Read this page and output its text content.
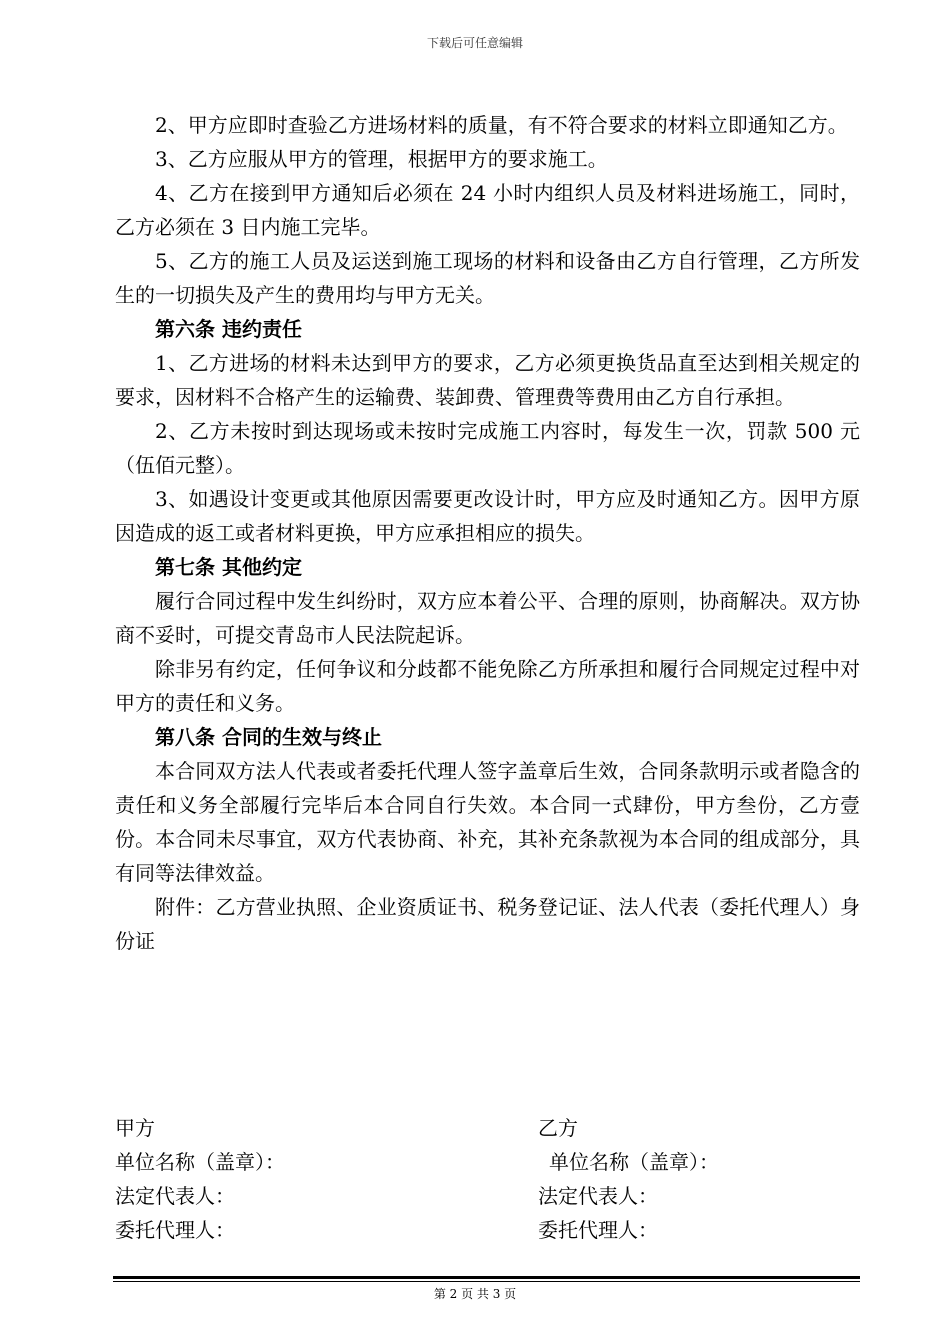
下载后可任意编辑

2、甲方应即时查验乙方进场材料的质量，有不符合要求的材料立即通知乙方。

3、乙方应服从甲方的管理，根据甲方的要求施工。

4、乙方在接到甲方通知后必须在 24 小时内组织人员及材料进场施工，同时，乙方必须在 3 日内施工完毕。

5、乙方的施工人员及运送到施工现场的材料和设备由乙方自行管理，乙方所发生的一切损失及产生的费用均与甲方无关。

第六条 违约责任

1、乙方进场的材料未达到甲方的要求，乙方必须更换货品直至达到相关规定的要求，因材料不合格产生的运输费、装卸费、管理费等费用由乙方自行承担。

2、乙方未按时到达现场或未按时完成施工内容时，每发生一次，罚款 500 元（伍佰元整）。

3、如遇设计变更或其他原因需要更改设计时，甲方应及时通知乙方。因甲方原因造成的返工或者材料更换，甲方应承担相应的损失。

第七条 其他约定

履行合同过程中发生纠纷时，双方应本着公平、合理的原则，协商解决。双方协商不妥时，可提交青岛市人民法院起诉。

除非另有约定，任何争议和分歧都不能免除乙方所承担和履行合同规定过程中对甲方的责任和义务。

第八条 合同的生效与终止

本合同双方法人代表或者委托代理人签字盖章后生效，合同条款明示或者隐含的责任和义务全部履行完毕后本合同自行失效。本合同一式肆份，甲方叁份，乙方壹份。本合同未尽事宜，双方代表协商、补充，其补充条款视为本合同的组成部分，具有同等法律效益。

附件：乙方营业执照、企业资质证书、税务登记证、法人代表（委托代理人）身份证

甲方	乙方
单位名称（盖章）：	单位名称（盖章）：
法定代表人：	法定代表人：
委托代理人：	委托代理人：
第 2 页 共 3 页
